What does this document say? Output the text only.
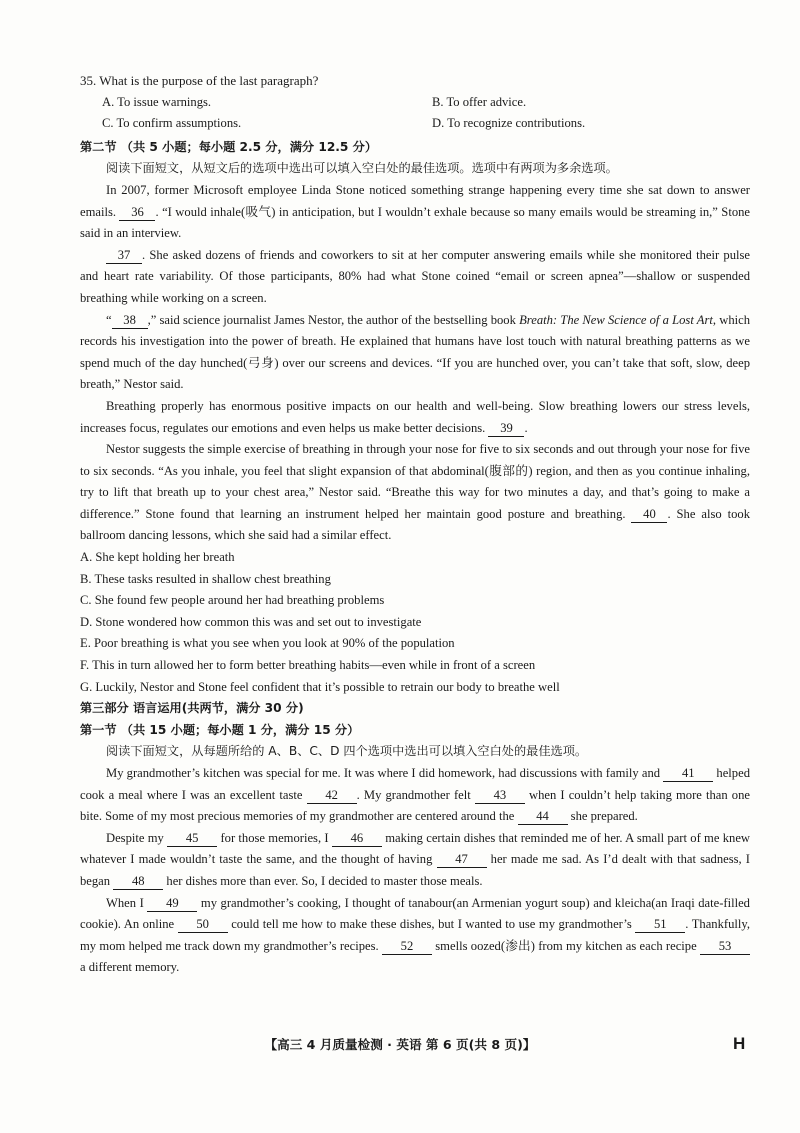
35. What is the purpose of the last paragraph?

A. To issue warnings.	B. To offer advice.
C. To confirm assumptions.	D. To recognize contributions.

第二节 （共 5 小题；每小题 2.5 分，满分 12.5 分）

阅读下面短文，从短文后的选项中选出可以填入空白处的最佳选项。选项中有两项为多余选项。

In 2007, former Microsoft employee Linda Stone noticed something strange happening every time she sat down to answer emails. 36 . “I would inhale(吸气) in anticipation, but I wouldn’t exhale because so many emails would be streaming in,” Stone said in an interview.

37 . She asked dozens of friends and coworkers to sit at her computer answering emails while she monitored their pulse and heart rate variability. Of those participants, 80% had what Stone coined “email or screen apnea”—shallow or suspended breathing while working on a screen.

“ 38 ,” said science journalist James Nestor, the author of the bestselling book Breath: The New Science of a Lost Art, which records his investigation into the power of breath. He explained that humans have lost touch with natural breathing patterns as we spend much of the day hunched(弓身) over our screens and devices. “If you are hunched over, you can’t take that soft, slow, deep breath,” Nestor said.

Breathing properly has enormous positive impacts on our health and well-being. Slow breathing lowers our stress levels, increases focus, regulates our emotions and even helps us make better decisions. 39 .

Nestor suggests the simple exercise of breathing in through your nose for five to six seconds and out through your nose for five to six seconds. “As you inhale, you feel that slight expansion of that abdominal(腹部的) region, and then as you continue inhaling, try to lift that breath up to your chest area,” Nestor said. “Breathe this way for two minutes a day, and that’s going to make a difference.” Stone found that learning an instrument helped her maintain good posture and breathing. 40 . She also took ballroom dancing lessons, which she said had a similar effect.

A. She kept holding her breath

B. These tasks resulted in shallow chest breathing

C. She found few people around her had breathing problems

D. Stone wondered how common this was and set out to investigate

E. Poor breathing is what you see when you look at 90% of the population

F. This in turn allowed her to form better breathing habits—even while in front of a screen

G. Luckily, Nestor and Stone feel confident that it’s possible to retrain our body to breathe well

第三部分 语言运用(共两节，满分 30 分)

第一节 （共 15 小题；每小题 1 分，满分 15 分）

阅读下面短文，从每题所给的 A、B、C、D 四个选项中选出可以填入空白处的最佳选项。

My grandmother’s kitchen was special for me. It was where I did homework, had discussions with family and 41 helped cook a meal where I was an excellent taste 42 . My grandmother felt 43 when I couldn’t help taking more than one bite. Some of my most precious memories of my grandmother are centered around the 44 she prepared.

Despite my 45 for those memories, I 46 making certain dishes that reminded me of her. A small part of me knew whatever I made wouldn’t taste the same, and the thought of having 47 her made me sad. As I’d dealt with that sadness, I began 48 her dishes more than ever. So, I decided to master those meals.

When I 49 my grandmother’s cooking, I thought of tanabour(an Armenian yogurt soup) and kleicha(an Iraqi date-filled cookie). An online 50 could tell me how to make these dishes, but I wanted to use my grandmother’s 51 . Thankfully, my mom helped me track down my grandmother’s recipes. 52 smells oozed(渗出) from my kitchen as each recipe 53 a different memory.

【高三 4 月质量检测 · 英语 第 6 页(共 8 页)】	H
